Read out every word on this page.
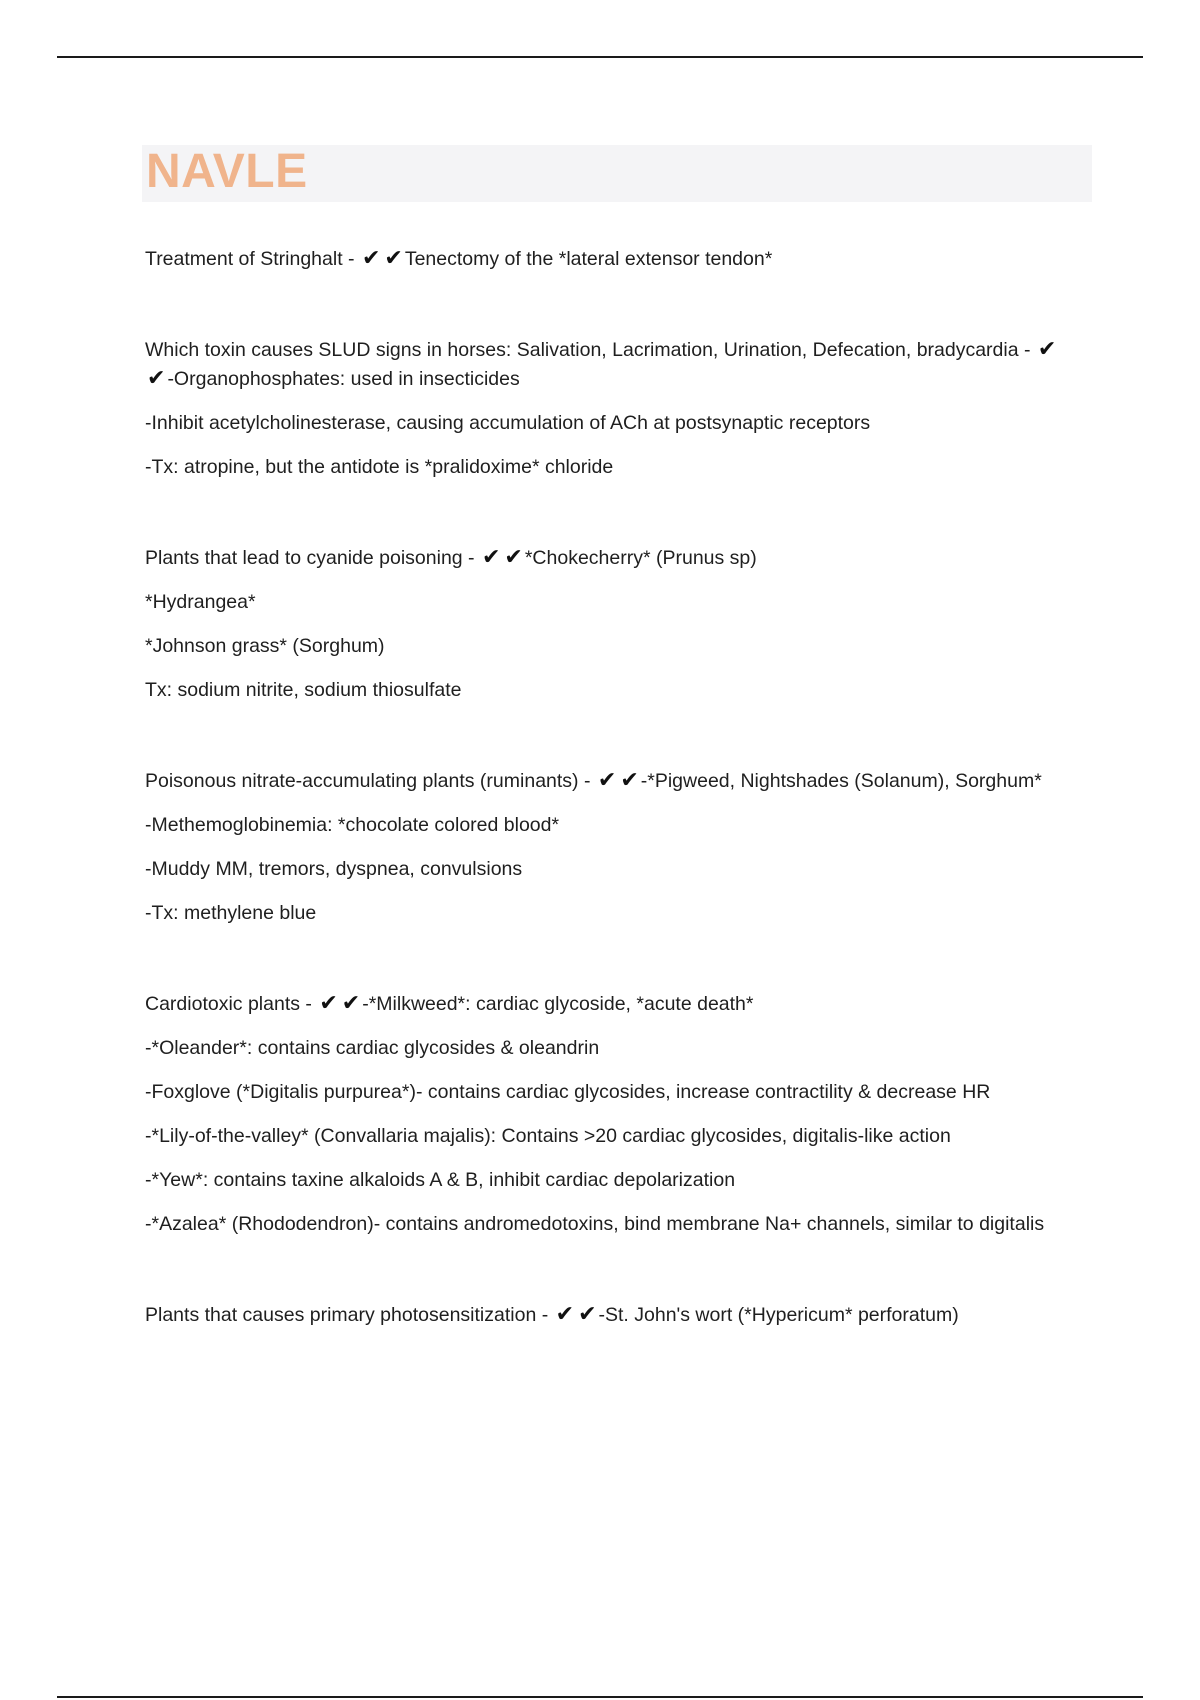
NAVLE

Treatment of Stringhalt - ✔ ✔ Tenectomy of the *lateral extensor tendon*

Which toxin causes SLUD signs in horses: Salivation, Lacrimation, Urination, Defecation, bradycardia - ✔✔ -Organophosphates: used in insecticides

-Inhibit acetylcholinesterase, causing accumulation of ACh at postsynaptic receptors

-Tx: atropine, but the antidote is *pralidoxime* chloride

Plants that lead to cyanide poisoning - ✔ ✔ *Chokecherry* (Prunus sp)

*Hydrangea*

*Johnson grass* (Sorghum)

Tx: sodium nitrite, sodium thiosulfate

Poisonous nitrate-accumulating plants (ruminants) - ✔ ✔ -*Pigweed, Nightshades (Solanum), Sorghum*

-Methemoglobinemia: *chocolate colored blood*

-Muddy MM, tremors, dyspnea, convulsions

-Tx: methylene blue

Cardiotoxic plants - ✔ ✔ -*Milkweed*: cardiac glycoside, *acute death*

-*Oleander*: contains cardiac glycosides & oleandrin

-Foxglove (*Digitalis purpurea*)- contains cardiac glycosides, increase contractility & decrease HR

-*Lily-of-the-valley* (Convallaria majalis): Contains >20 cardiac glycosides, digitalis-like action

-*Yew*: contains taxine alkaloids A & B, inhibit cardiac depolarization

-*Azalea* (Rhododendron)- contains andromedotoxins, bind membrane Na+ channels, similar to digitalis

Plants that causes primary photosensitization - ✔ ✔ -St. John's wort (*Hypericum* perforatum)
